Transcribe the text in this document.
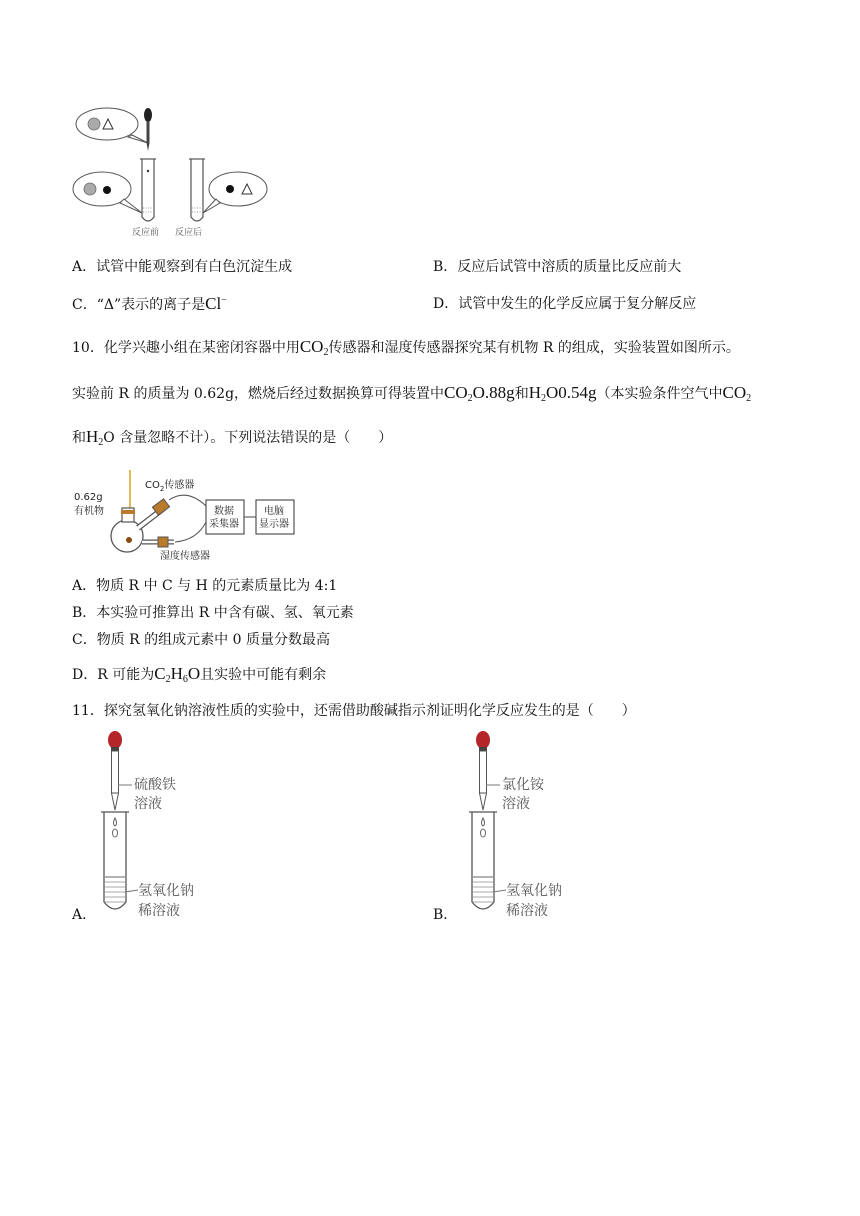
反应前 反应后
A．试管中能观察到有白色沉淀生成	B．反应后试管中溶质的质量比反应前大
C．“Δ”表示的离子是Cl−	D．试管中发生的化学反应属于复分解反应
10．化学兴趣小组在某密闭容器中用$CO_2$传感器和湿度传感器探究某有机物 R 的组成，实验装置如图所示。
实验前 R 的质量为 0.62g，燃烧后经过数据换算可得装置中$CO_2O.88g$和$H_2O0.54g$（本实验条件空气中$CO_2$
和$H_2O$ 含量忽略不计）。下列说法错误的是（　　）
0.62g
有机物
$CO_2$传感器
数据
采集器
电脑
显示器
湿度传感器
A．物质 R 中 C 与 H 的元素质量比为 4:1
B．本实验可推算出 R 中含有碳、氢、氧元素
C．物质 R 的组成元素中 0 质量分数最高
D．R 可能为$C_2H_6O$且实验中可能有剩余
11．探究氢氧化钠溶液性质的实验中，还需借助酸碱指示剂证明化学反应发生的是（　　）
A．
硫酸铁
溶液
氢氧化钠
稀溶液	B．
氯化铵
溶液
氢氧化钠
稀溶液
